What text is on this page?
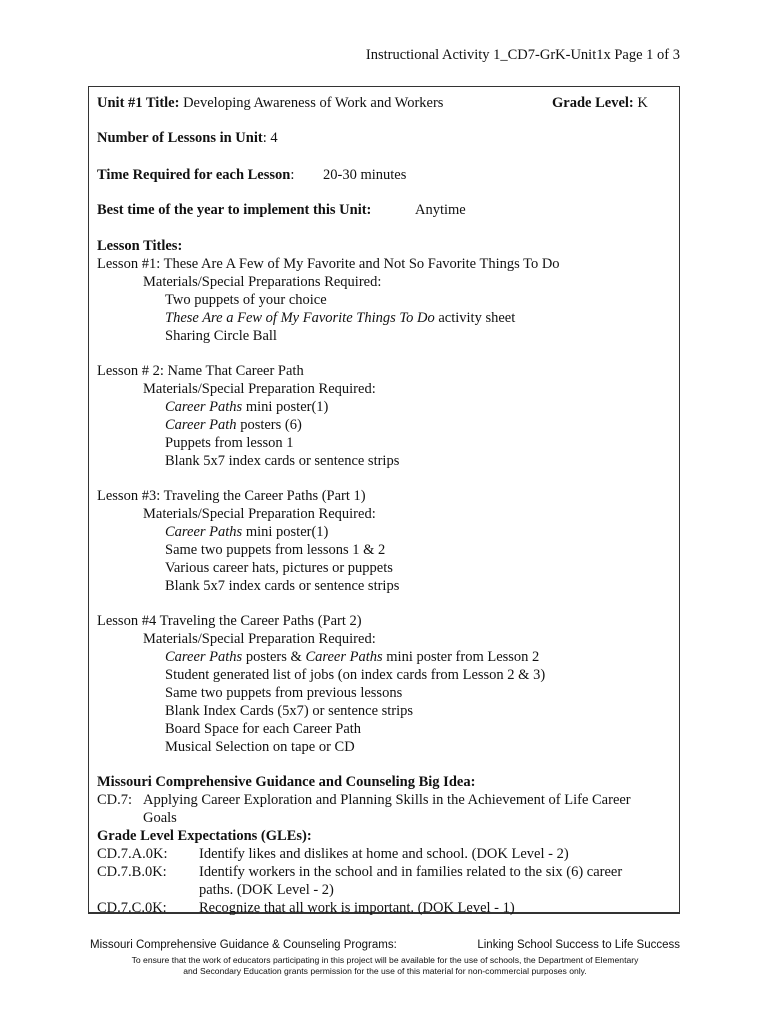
Instructional Activity 1_CD7-GrK-Unit1x Page 1 of 3
Unit #1 Title: Developing Awareness of Work and Workers	Grade Level: K
Number of Lessons in Unit: 4
Time Required for each Lesson: 20-30 minutes
Best time of the year to implement this Unit:	Anytime
Lesson Titles:
Lesson #1: These Are A Few of My Favorite and Not So Favorite Things To Do
Materials/Special Preparations Required:
Two puppets of your choice
These Are a Few of My Favorite Things To Do activity sheet
Sharing Circle Ball
Lesson # 2: Name That Career Path
Materials/Special Preparation Required:
Career Paths mini poster(1)
Career Path posters (6)
Puppets from lesson 1
Blank 5x7 index cards or sentence strips
Lesson #3: Traveling the Career Paths (Part 1)
Materials/Special Preparation Required:
Career Paths mini poster(1)
Same two puppets from lessons 1 & 2
Various career hats, pictures or puppets
Blank 5x7 index cards or sentence strips
Lesson #4 Traveling the Career Paths (Part 2)
Materials/Special Preparation Required:
Career Paths posters & Career Paths mini poster from Lesson 2
Student generated list of jobs (on index cards from Lesson 2 & 3)
Same two puppets from previous lessons
Blank Index Cards (5x7) or sentence strips
Board Space for each Career Path
Musical Selection on tape or CD
Missouri Comprehensive Guidance and Counseling Big Idea:
CD.7: Applying Career Exploration and Planning Skills in the Achievement of Life Career
Goals
Grade Level Expectations (GLEs):
CD.7.A.0K: Identify likes and dislikes at home and school. (DOK Level - 2)
CD.7.B.0K: Identify workers in the school and in families related to the six (6) career
paths. (DOK Level - 2)
CD.7.C.0K: Recognize that all work is important. (DOK Level - 1)
Missouri Comprehensive Guidance & Counseling Programs:	Linking School Success to Life Success
To ensure that the work of educators participating in this project will be available for the use of schools, the Department of Elementary
and Secondary Education grants permission for the use of this material for non-commercial purposes only.
